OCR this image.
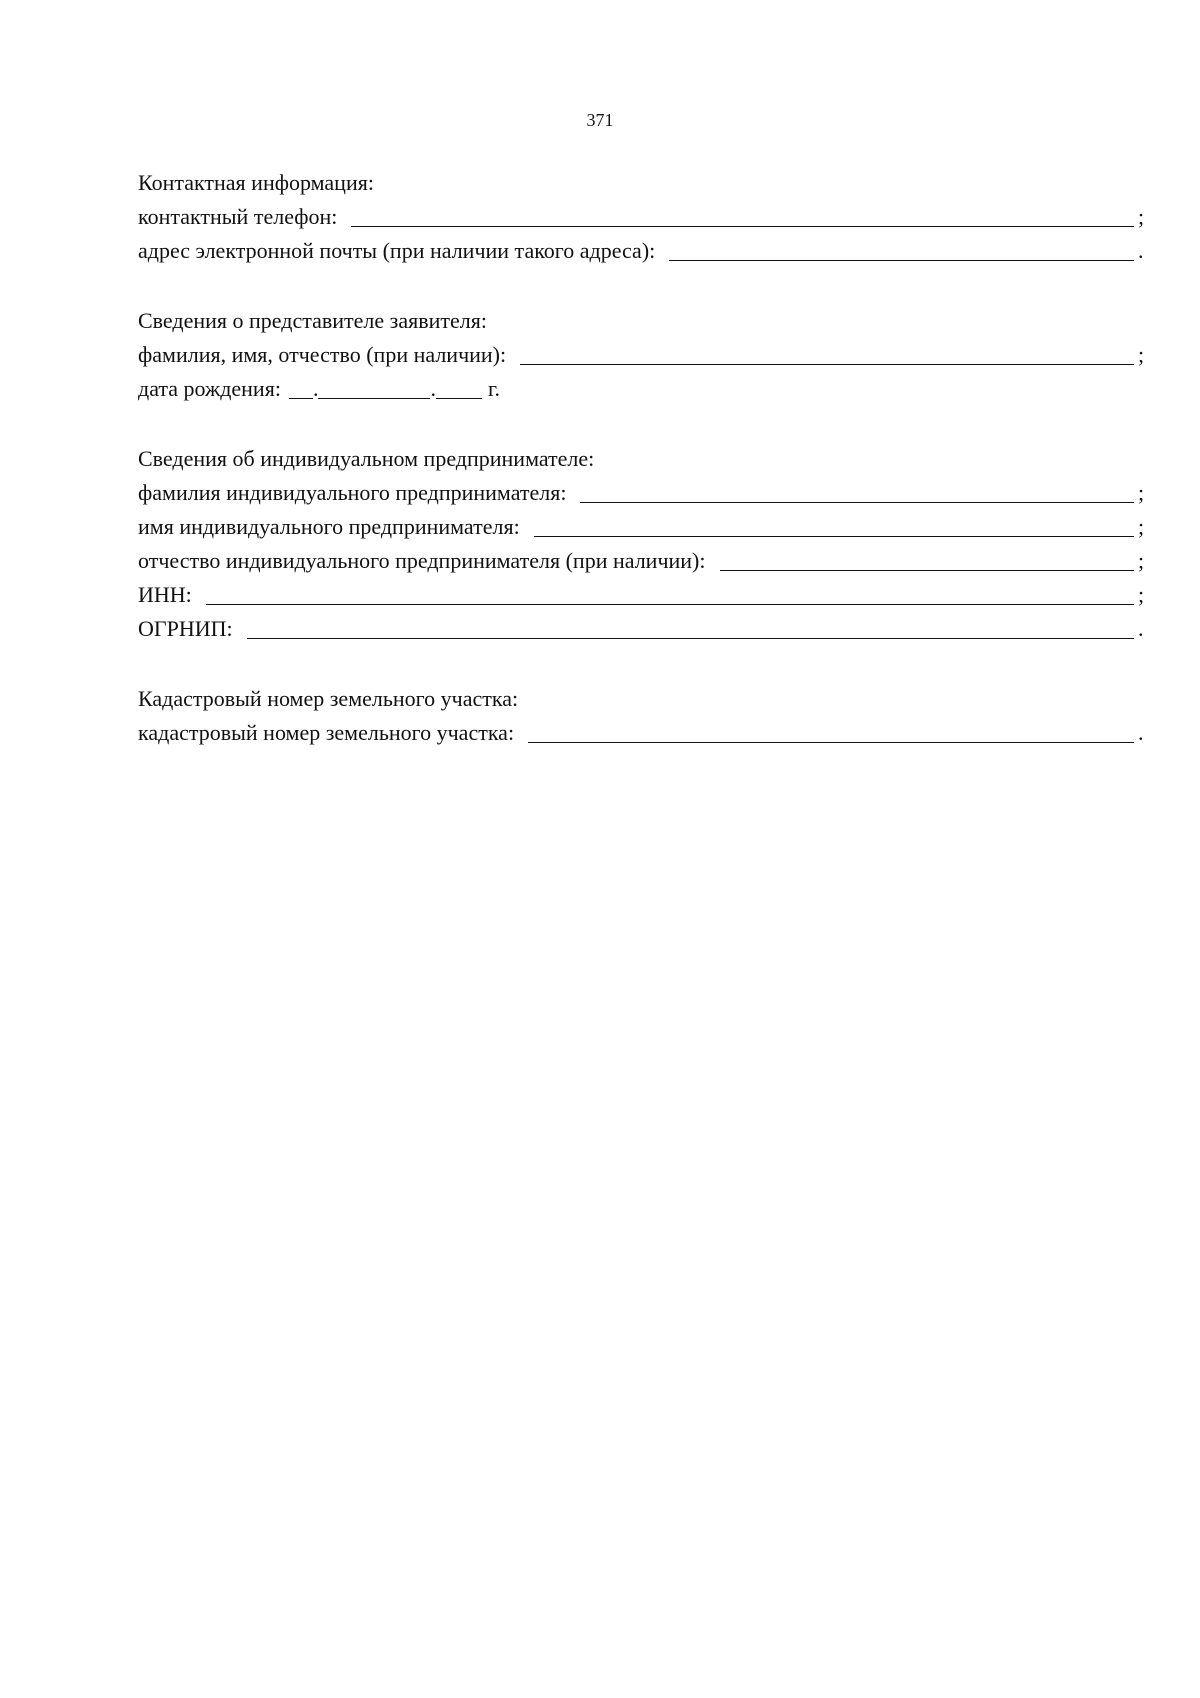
371
Контактная информация:
контактный телефон:	;
адрес электронной почты (при наличии такого адреса):	.
Сведения о представителе заявителя:
фамилия, имя, отчество (при наличии):	;
дата рождения: .	. г.
Сведения об индивидуальном предпринимателе:
фамилия индивидуального предпринимателя:	;
имя индивидуального предпринимателя:	;
отчество индивидуального предпринимателя (при наличии):	;
ИНН:	;
ОГРНИП:	.
Кадастровый номер земельного участка:
кадастровый номер земельного участка:	.
